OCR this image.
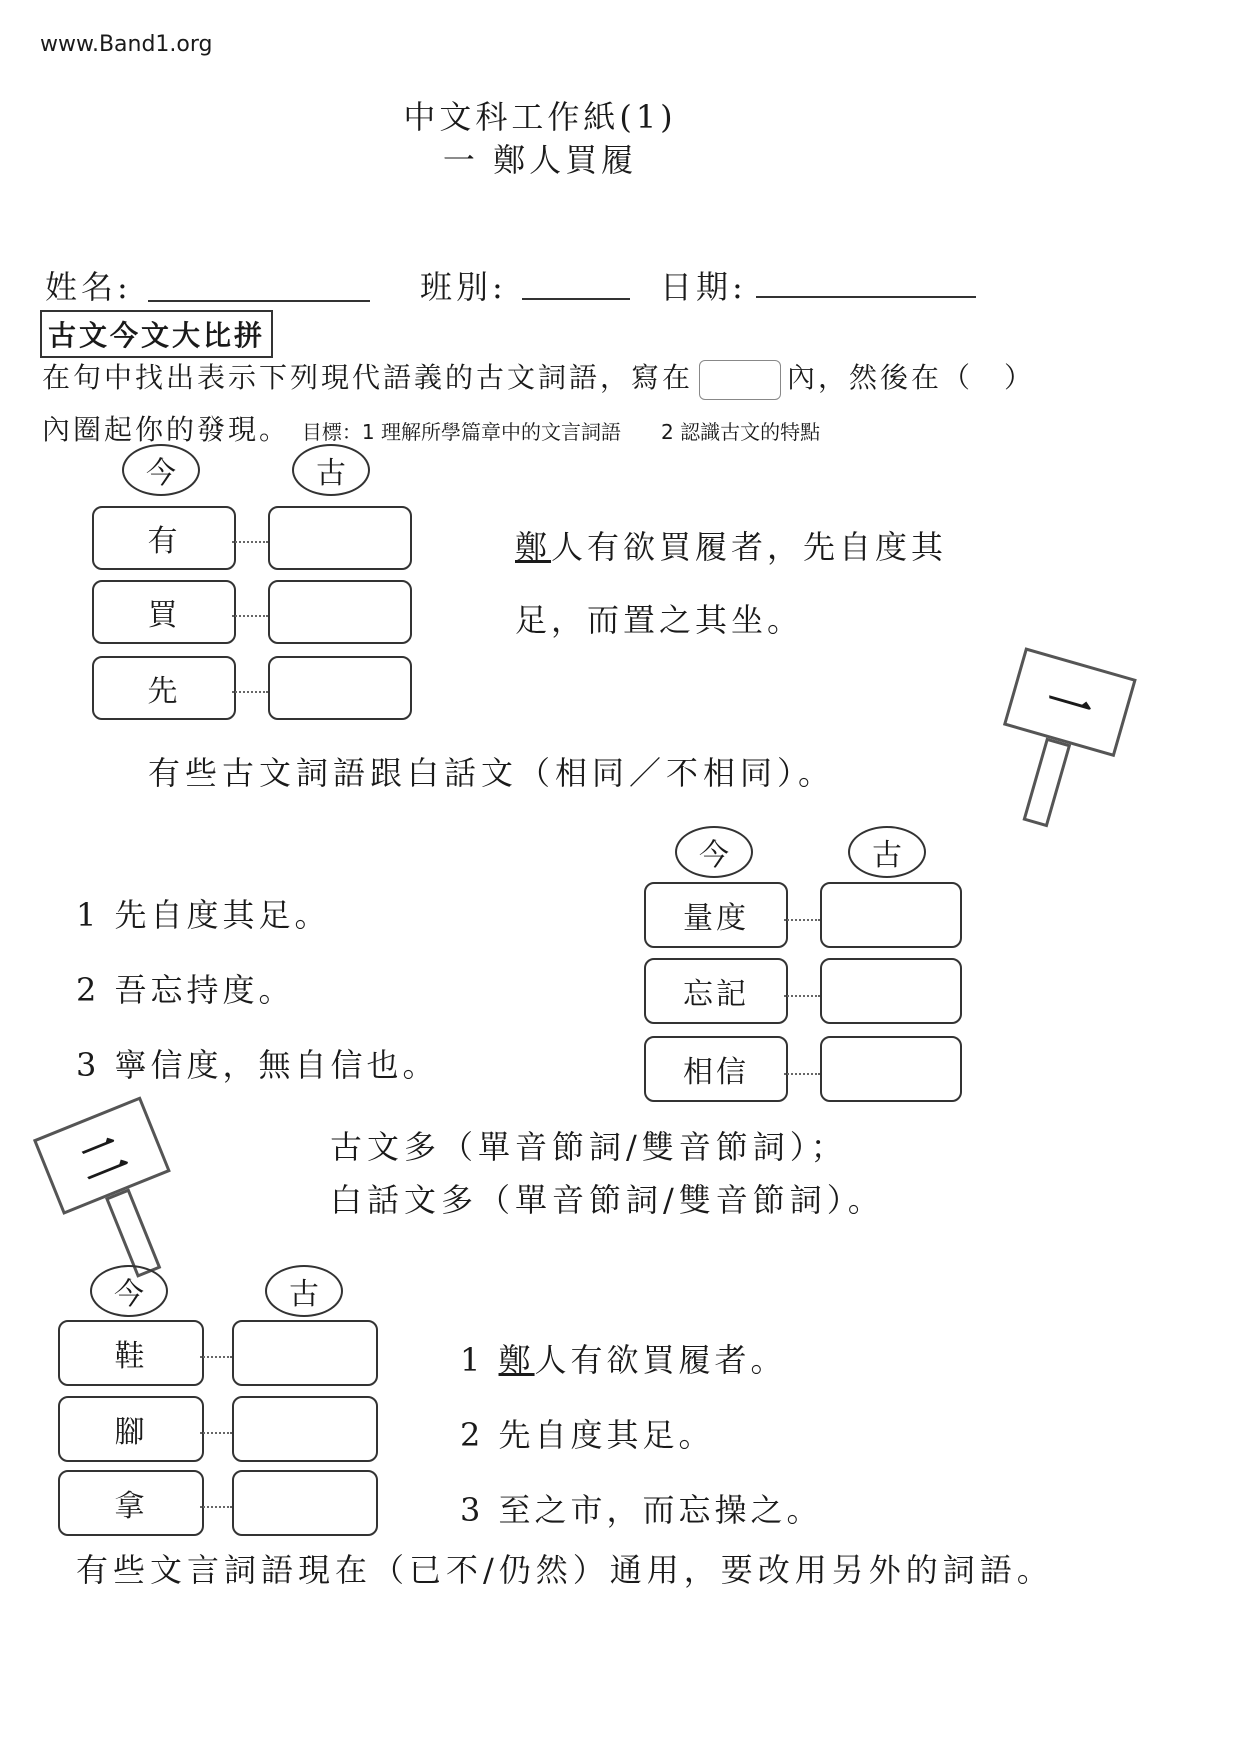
www.Band1.org
中文科工作紙(1)
一 鄭人買履
姓名:	班別:	日期:
古文今文大比拼
在句中找出表示下列現代語義的古文詞語，寫在	內，然後在（　）
內圈起你的發現。 目標：1 理解所學篇章中的文言詞語　　2 認識古文的特點
今	古
有
買
先
鄭人有欲買履者，先自度其
足，而置之其坐。
一
有些古文詞語跟白話文（相同／不相同）。
今	古
1 先自度其足。
2 吾忘持度。
3 寧信度，無自信也。
量度
忘記
相信
二	古文多（單音節詞/雙音節詞）；
白話文多（單音節詞/雙音節詞）。
今	古
鞋
腳
拿
1 鄭人有欲買履者。
2 先自度其足。
3 至之市，而忘操之。
有些文言詞語現在（已不/仍然）通用，要改用另外的詞語。
